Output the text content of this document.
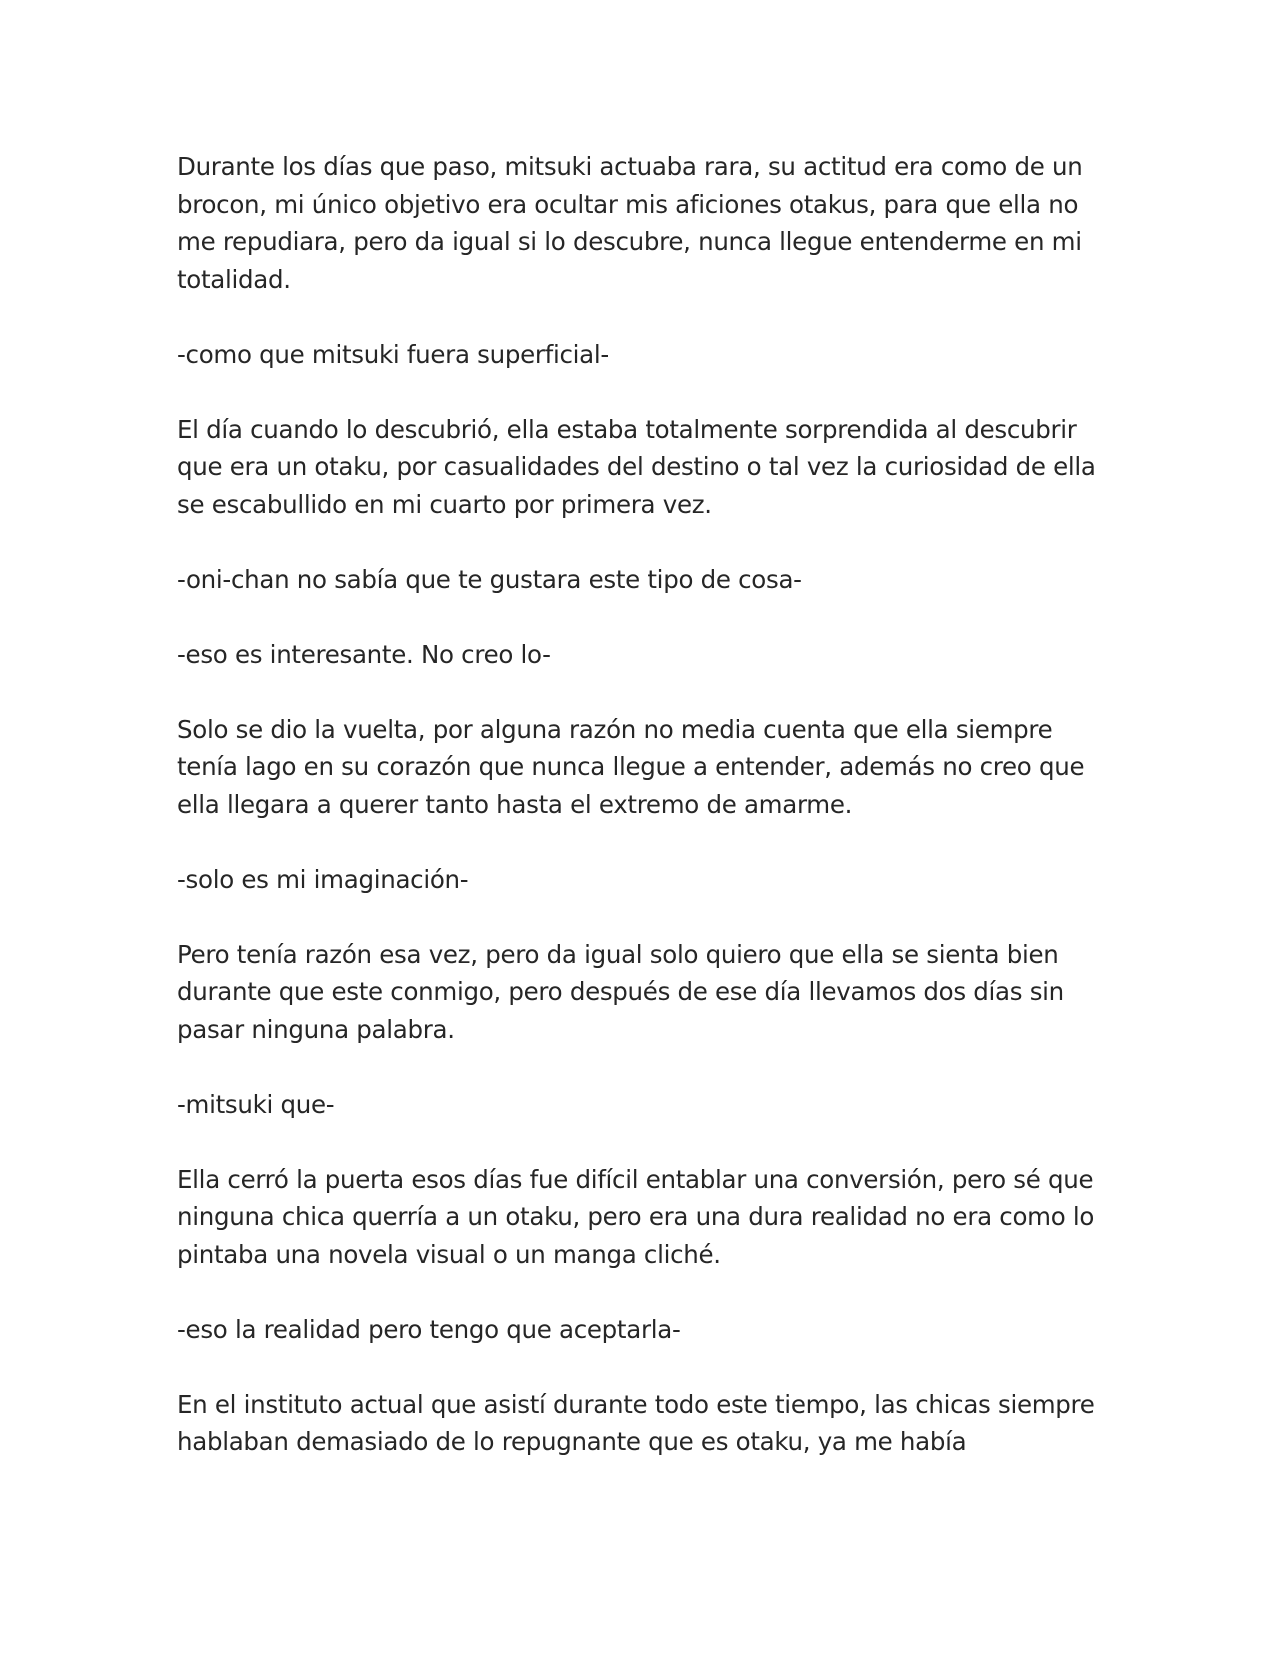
Durante los días que paso, mitsuki actuaba rara, su actitud era como de un brocon, mi único objetivo era ocultar mis aficiones otakus, para que ella no me repudiara, pero da igual si lo descubre, nunca llegue entenderme en mi totalidad.

-como que mitsuki fuera superficial-

El día cuando lo descubrió, ella estaba totalmente sorprendida al descubrir que era un otaku, por casualidades del destino o tal vez la curiosidad de ella se escabullido en mi cuarto por primera vez.

-oni-chan no sabía que te gustara este tipo de cosa-

-eso es interesante. No creo lo-

Solo se dio la vuelta, por alguna razón no media cuenta que ella siempre tenía lago en su corazón que nunca llegue a entender, además no creo que ella llegara a querer tanto hasta el extremo de amarme.

-solo es mi imaginación-

Pero tenía razón esa vez, pero da igual solo quiero que ella se sienta bien durante que este conmigo, pero después de ese día llevamos dos días sin pasar ninguna palabra.

-mitsuki que-

Ella cerró la puerta esos días fue difícil entablar una conversión, pero sé que ninguna chica querría a un otaku, pero era una dura realidad no era como lo pintaba una novela visual o un manga cliché.

-eso la realidad pero tengo que aceptarla-

En el instituto actual que asistí durante todo este tiempo, las chicas siempre hablaban demasiado de lo repugnante que es otaku, ya me había
